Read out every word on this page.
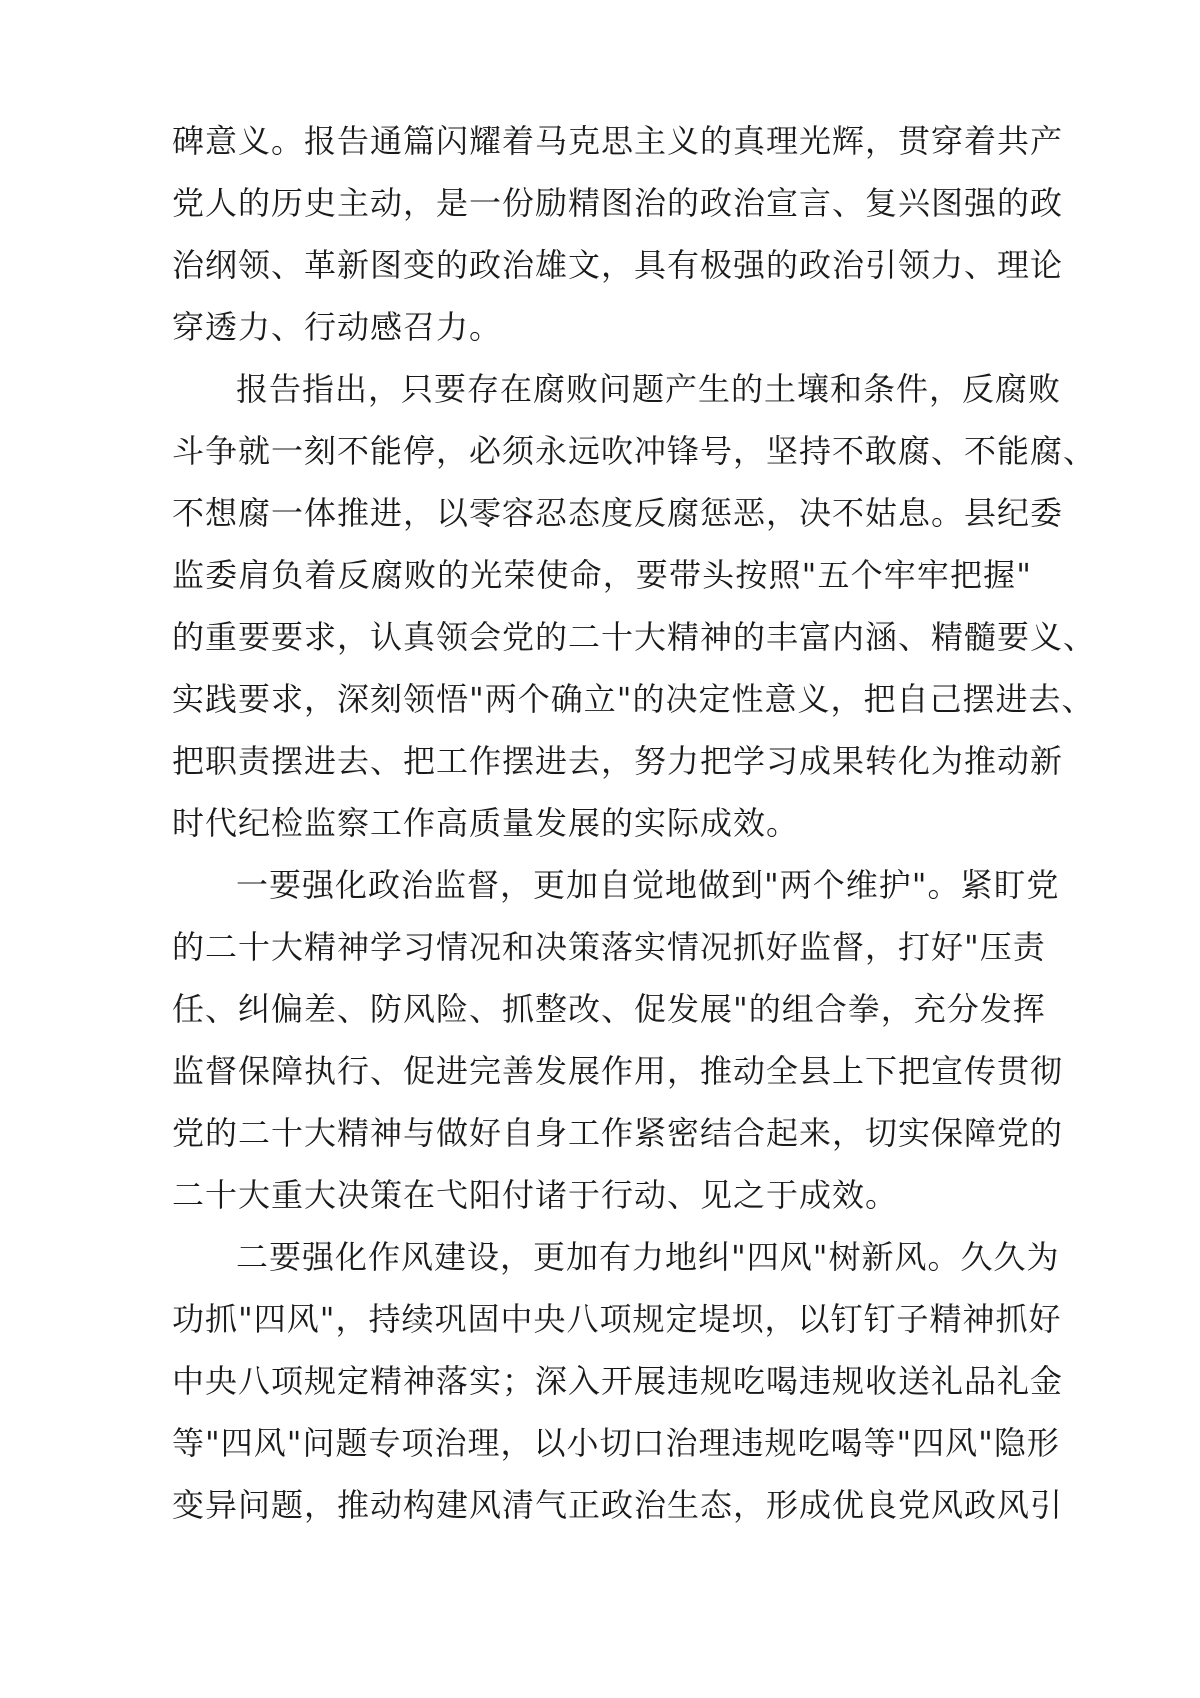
碑意义。报告通篇闪耀着马克思主义的真理光辉，贯穿着共产
党人的历史主动，是一份励精图治的政治宣言、复兴图强的政
治纲领、革新图变的政治雄文，具有极强的政治引领力、理论
穿透力、行动感召力。
报告指出，只要存在腐败问题产生的土壤和条件，反腐败
斗争就一刻不能停，必须永远吹冲锋号，坚持不敢腐、不能腐、
不想腐一体推进，以零容忍态度反腐惩恶，决不姑息。县纪委
监委肩负着反腐败的光荣使命，要带头按照"五个牢牢把握"
的重要要求，认真领会党的二十大精神的丰富内涵、精髓要义、
实践要求，深刻领悟"两个确立"的决定性意义，把自己摆进去、
把职责摆进去、把工作摆进去，努力把学习成果转化为推动新
时代纪检监察工作高质量发展的实际成效。
一要强化政治监督，更加自觉地做到"两个维护"。紧盯党
的二十大精神学习情况和决策落实情况抓好监督，打好"压责
任、纠偏差、防风险、抓整改、促发展"的组合拳，充分发挥
监督保障执行、促进完善发展作用，推动全县上下把宣传贯彻
党的二十大精神与做好自身工作紧密结合起来，切实保障党的
二十大重大决策在弋阳付诸于行动、见之于成效。
二要强化作风建设，更加有力地纠"四风"树新风。久久为
功抓"四风"，持续巩固中央八项规定堤坝，以钉钉子精神抓好
中央八项规定精神落实；深入开展违规吃喝违规收送礼品礼金
等"四风"问题专项治理，以小切口治理违规吃喝等"四风"隐形
变异问题，推动构建风清气正政治生态，形成优良党风政风引
